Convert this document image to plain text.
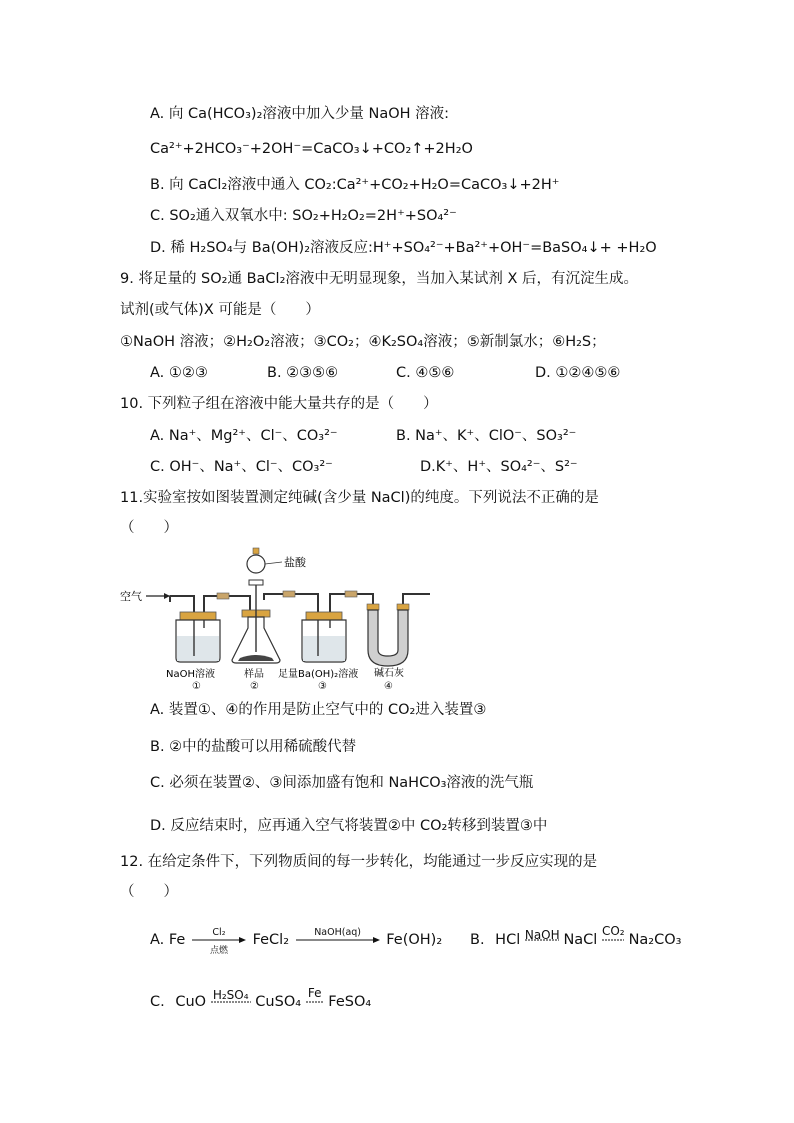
A. 向 Ca(HCO₃)₂溶液中加入少量 NaOH 溶液:
Ca²⁺+2HCO₃⁻+2OH⁻=CaCO₃↓+CO₂↑+2H₂O
B. 向 CaCl₂溶液中通入 CO₂:Ca²⁺+CO₂+H₂O=CaCO₃↓+2H⁺
C. SO₂通入双氧水中: SO₂+H₂O₂=2H⁺+SO₄²⁻
D. 稀 H₂SO₄与 Ba(OH)₂溶液反应:H⁺+SO₄²⁻+Ba²⁺+OH⁻=BaSO₄↓+ +H₂O
9. 将足量的 SO₂通 BaCl₂溶液中无明显现象，当加入某试剂 X 后，有沉淀生成。
试剂(或气体)X 可能是（　　）
①NaOH 溶液；②H₂O₂溶液；③CO₂；④K₂SO₄溶液；⑤新制氯水；⑥H₂S；
A. ①②③	B. ②③⑤⑥	C. ④⑤⑥	D. ①②④⑤⑥
10. 下列粒子组在溶液中能大量共存的是（　　）
A. Na⁺、Mg²⁺、Cl⁻、CO₃²⁻	B. Na⁺、K⁺、ClO⁻、SO₃²⁻
C. OH⁻、Na⁺、Cl⁻、CO₃²⁻	D.K⁺、H⁺、SO₄²⁻、S²⁻
11.实验室按如图装置测定纯碱(含少量 NaCl)的纯度。下列说法不正确的是
（　　）
空气
盐酸
NaOH溶液	样品 足量Ba(OH)₂溶液 碱石灰
①	②	③	④
A. 装置①、④的作用是防止空气中的 CO₂进入装置③
B. ②中的盐酸可以用稀硫酸代替
C. 必须在装置②、③间添加盛有饱和 NaHCO₃溶液的洗气瓶
D. 反应结束时，应再通入空气将装置②中 CO₂转移到装置③中
12. 在给定条件下，下列物质间的每一步转化，均能通过一步反应实现的是
（　　）
A. Fe	Cl₂
点燃
FeCl₂	NaOH(aq)	Fe(OH)₂ B. HCl NaOH NaCl
CO₂
Na₂CO₃
C. CuO H₂SO₄ CuSO₄
Fe
FeSO₄
